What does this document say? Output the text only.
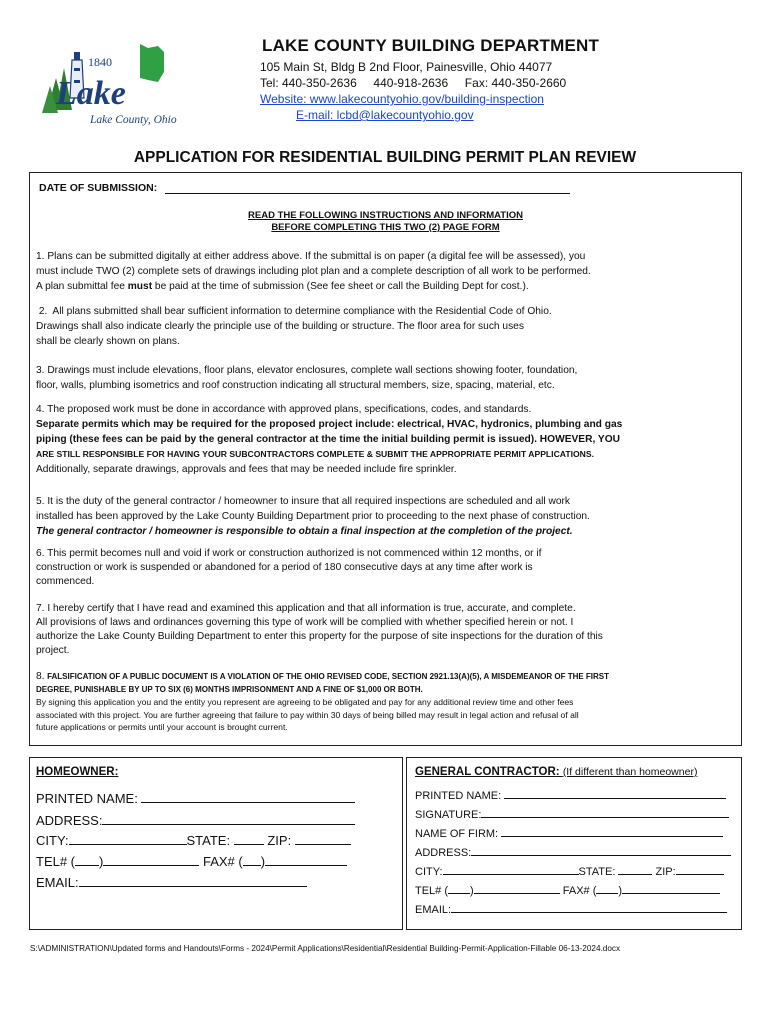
1840
Lake
Lake County, Ohio
LAKE COUNTY BUILDING DEPARTMENT
105 Main St, Bldg B 2nd Floor, Painesville, Ohio 44077
Tel: 440-350-2636     440-918-2636     Fax: 440-350-2660
Website: www.lakecountyohio.gov/building-inspection
E-mail: lcbd@lakecountyohio.gov
APPLICATION FOR RESIDENTIAL BUILDING PERMIT PLAN REVIEW
DATE OF SUBMISSION:
READ THE FOLLOWING INSTRUCTIONS AND INFORMATION
BEFORE COMPLETING THIS TWO (2) PAGE FORM
1. Plans can be submitted digitally at either address above. If the submittal is on paper (a digital fee will be assessed), you
must include TWO (2) complete sets of drawings including plot plan and a complete description of all work to be performed.
A plan submittal fee must be paid at the time of submission (See fee sheet or call the Building Dept for cost.).
2.  All plans submitted shall bear sufficient information to determine compliance with the Residential Code of Ohio.
Drawings shall also indicate clearly the principle use of the building or structure. The floor area for such uses
shall be clearly shown on plans.
3. Drawings must include elevations, floor plans, elevator enclosures, complete wall sections showing footer, foundation,
floor, walls, plumbing isometrics and roof construction indicating all structural members, size, spacing, material, etc.
4. The proposed work must be done in accordance with approved plans, specifications, codes, and standards.
Separate permits which may be required for the proposed project include: electrical, HVAC, hydronics, plumbing and gas
piping (these fees can be paid by the general contractor at the time the initial building permit is issued). HOWEVER, YOU
ARE STILL RESPONSIBLE FOR HAVING YOUR SUBCONTRACTORS COMPLETE & SUBMIT THE APPROPRIATE PERMIT APPLICATIONS.
Additionally, separate drawings, approvals and fees that may be needed include fire sprinkler.
5. It is the duty of the general contractor / homeowner to insure that all required inspections are scheduled and all work
installed has been approved by the Lake County Building Department prior to proceeding to the next phase of construction.
The general contractor / homeowner is responsible to obtain a final inspection at the completion of the project.
6. This permit becomes null and void if work or construction authorized is not commenced within 12 months, or if
construction or work is suspended or abandoned for a period of 180 consecutive days at any time after work is
commenced.
7. I hereby certify that I have read and examined this application and that all information is true, accurate, and complete.
All provisions of laws and ordinances governing this type of work will be complied with whether specified herein or not. I
authorize the Lake County Building Department to enter this property for the purpose of site inspections for the duration of this
project.
8. FALSIFICATION OF A PUBLIC DOCUMENT IS A VIOLATION OF THE OHIO REVISED CODE, SECTION 2921.13(A)(5), A MISDEMEANOR OF THE FIRST
DEGREE, PUNISHABLE BY UP TO SIX (6) MONTHS IMPRISONMENT AND A FINE OF $1,000 OR BOTH.
By signing this application you and the entity you represent are agreeing to be obligated and pay for any additional review time and other fees
associated with this project. You are further agreeing that failure to pay within 30 days of being billed may result in legal action and refusal of all
future applications or permits until your account is brought current.
HOMEOWNER:
PRINTED NAME:
ADDRESS:
CITY:	STATE:	ZIP:
TEL# ( )	FAX# ( )
EMAIL:
GENERAL CONTRACTOR: (If different than homeowner)
PRINTED NAME:
SIGNATURE:
NAME OF FIRM:
ADDRESS:
CITY:	STATE:	ZIP:
TEL# ( )	FAX# ( )
EMAIL:
S:\ADMINISTRATION\Updated forms and Handouts\Forms - 2024\Permit Applications\Residential\Residential Building-Permit-Application-Fillable 06-13-2024.docx
